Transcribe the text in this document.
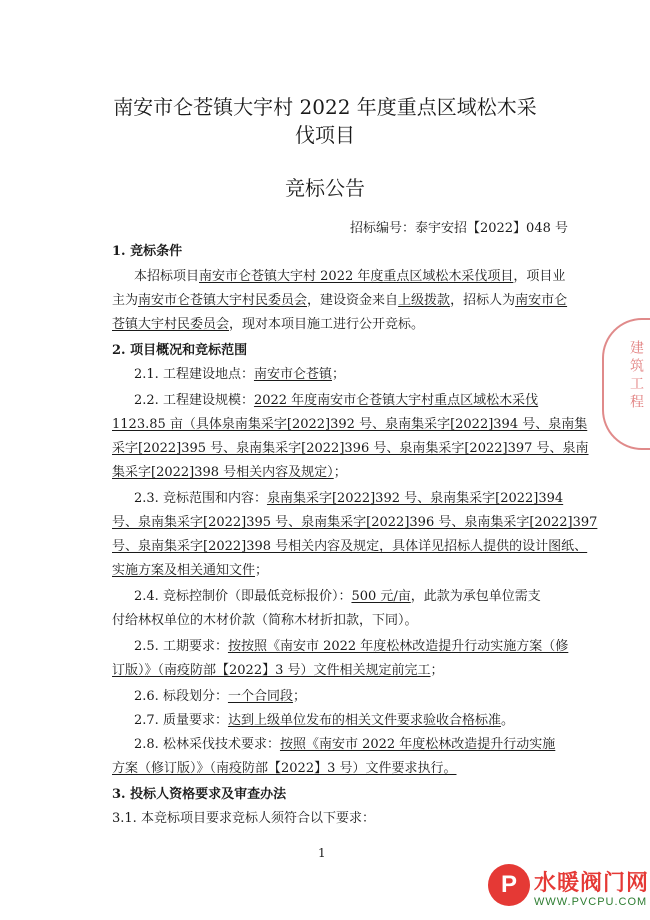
南安市仑苍镇大宇村 2022 年度重点区域松木采
伐项目
竞标公告
招标编号：泰宇安招【2022】048 号
1. 竞标条件
本招标项目南安市仑苍镇大宇村 2022 年度重点区域松木采伐项目，项目业
主为南安市仑苍镇大宇村民委员会，建设资金来自上级拨款，招标人为南安市仑
苍镇大宇村民委员会，现对本项目施工进行公开竞标。
2. 项目概况和竞标范围
2.1. 工程建设地点：南安市仑苍镇；
2.2. 工程建设规模：2022 年度南安市仑苍镇大宇村重点区域松木采伐
1123.85 亩（具体泉南集采字[2022]392 号、泉南集采字[2022]394 号、泉南集
采字[2022]395 号、泉南集采字[2022]396 号、泉南集采字[2022]397 号、泉南
集采字[2022]398 号相关内容及规定）；
2.3. 竞标范围和内容：泉南集采字[2022]392 号、泉南集采字[2022]394
号、泉南集采字[2022]395 号、泉南集采字[2022]396 号、泉南集采字[2022]397
号、泉南集采字[2022]398 号相关内容及规定，具体详见招标人提供的设计图纸、
实施方案及相关通知文件；
2.4. 竞标控制价（即最低竞标报价）：500 元/亩，此款为承包单位需支
付给林权单位的木材价款（简称木材折扣款，下同）。
2.5. 工期要求：按按照《南安市 2022 年度松林改造提升行动实施方案（修
订版）》（南疫防部【2022】3 号）文件相关规定前完工；
2.6. 标段划分：一个合同段；
2.7. 质量要求：达到上级单位发布的相关文件要求验收合格标准。
2.8. 松林采伐技术要求：按照《南安市 2022 年度松林改造提升行动实施
方案（修订版）》（南疫防部【2022】3 号）文件要求执行。
3. 投标人资格要求及审查办法
3.1. 本竞标项目要求竞标人须符合以下要求：
1
建筑工程
P 水暖阀门网
WWW.PVCPU.COM
